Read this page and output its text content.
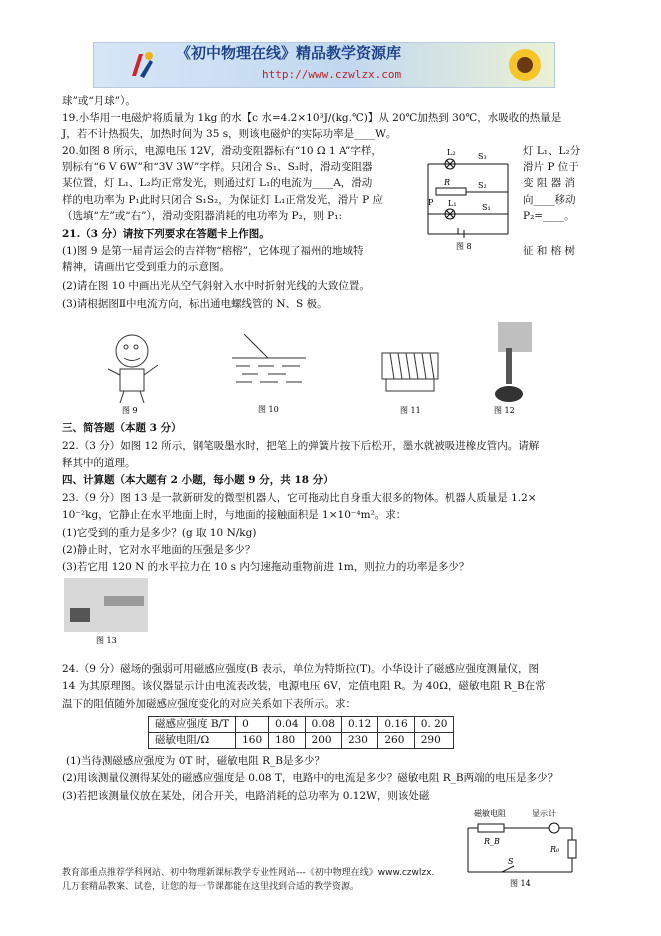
《初中物理在线》精品教学资源库
http://www.czwlzx.com
球”或“月球”）。
19.小华用一电磁炉将质量为 1kg 的水【c 水=4.2×10³J/(kg.℃)】从 20℃加热到 30℃，水吸收的热量是
J，若不计热损失，加热时间为 35 s，则该电磁炉的实际功率是____W。
20.如图 8 所示，电源电压 12V，滑动变阻器标有“10 Ω 1 A”字样，
别标有“6 V 6W”和“3V 3W”字样。只闭合 S₁、S₃时，滑动变阻器
某位置，灯 L₁、L₂均正常发光，则通过灯 L₁的电流为____A，滑动
样的电功率为 P₁此时只闭合 S₁S₂，为保证灯 L₁正常发光，滑片 P 应
（选填“左”或“右”），滑动变阻器消耗的电功率为 P₂，则 P₁:
灯 L₁、L₂分
滑片 P 位于
变 阻 器 消
向____移动
P₂=____。
L₂	S₃
R	S₂
P L₁	S₁
图 8
21.（3 分）请按下列要求在答题卡上作图。
(1)图 9 是第一届青运会的吉祥物“榕榕”，它体现了福州的地域特	征 和 榕 树
精神，请画出它受到重力的示意图。
(2)请在图 10 中画出光从空气斜射入水中时折射光线的大致位置。
(3)请根据图Ⅱ中电流方向，标出通电螺线管的 N、S 极。
图 9	图 10	图 11	图 12
三、简答题（本题 3 分）
22.（3 分）如图 12 所示，钢笔吸墨水时，把笔上的弹簧片按下后松开，墨水就被吸进橡皮管内。请解
释其中的道理。
四、计算题（本大题有 2 小题，每小题 9 分，共 18 分）
23.（9 分）图 13 是一款新研发的微型机器人，它可拖动比自身重大很多的物体。机器人质量是 1.2×
10⁻²kg，它静止在水平地面上时，与地面的接触面积是 1×10⁻⁴m²。求：
(1)它受到的重力是多少？(g 取 10 N/kg)
(2)静止时，它对水平地面的压强是多少？
(3)若它用 120 N 的水平拉力在 10 s 内匀速拖动重物前进 1m，则拉力的功率是多少？
图 13
24.（9 分）磁场的强弱可用磁感应强度(B 表示，单位为特斯拉(T)。小华设计了磁感应强度测量仪，图
14 为其原理图。该仪器显示计由电流表改装，电源电压 6V，定值电阻 R。为 40Ω，磁敏电阻 R_B在常
温下的阻值随外加磁感应强度变化的对应关系如下表所示。求：
磁感应强度 B/T	0	0.04	0.08	0.12	0.16	0. 20
磁敏电阻/Ω	160	180	200	230	260	290
(1)当待测磁感应强度为 0T 时，磁敏电阻 R_B是多少？
(2)用该测量仪测得某处的磁感应强度是 0.08 T，电路中的电流是多少？磁敏电阻 R_B两端的电压是多少？
(3)若把该测量仪放在某处，闭合开关，电路消耗的总功率为 0.12W，则该处磁
磁敏电阻	显示计
R_B
R₀
S
图 14
教育部重点推荐学科网站、初中物理新课标教学专业性网站---《初中物理在线》www.czwlzx.
几万套精品教案、试卷，让您的每一节课都能在这里找到合适的教学资源。
